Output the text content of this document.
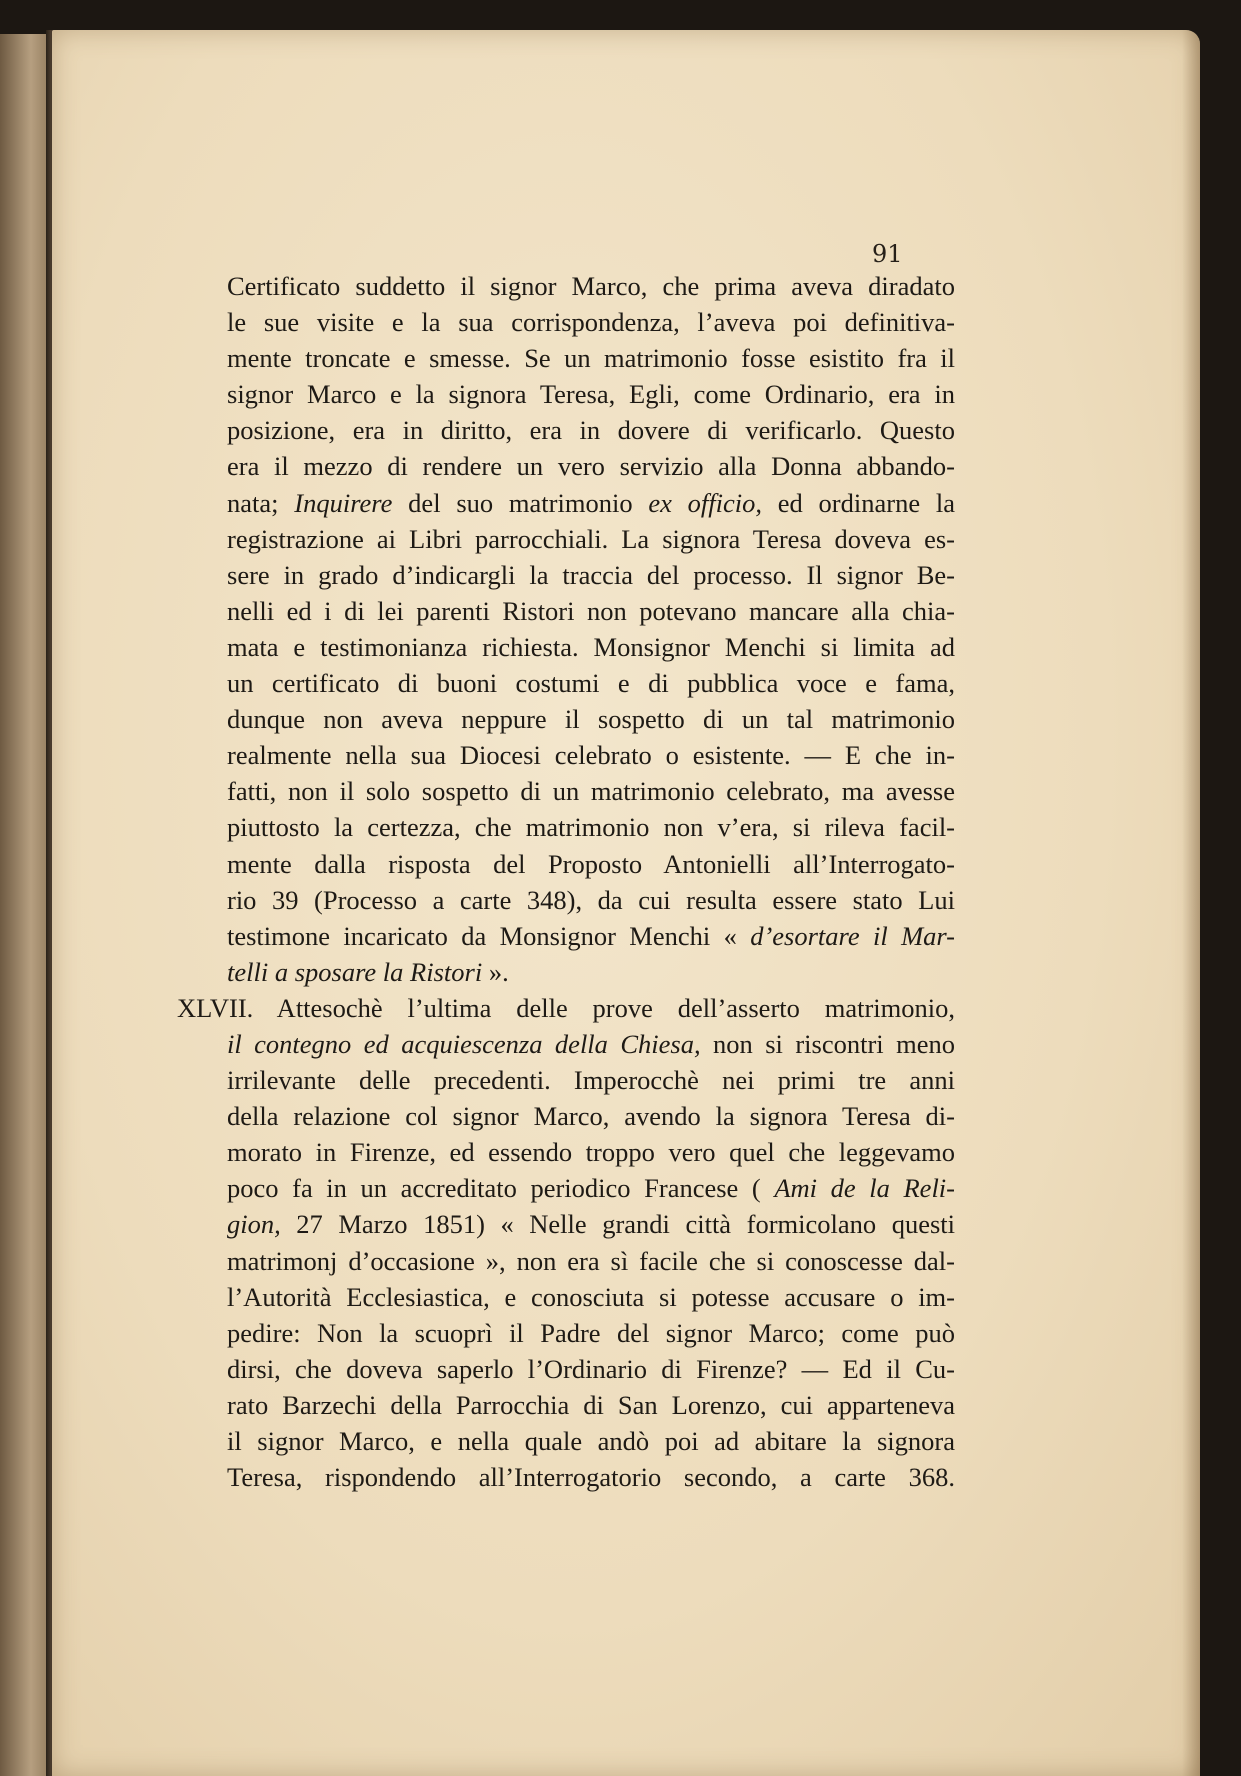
91
Certificato suddetto il signor Marco, che prima aveva diradato
le sue visite e la sua corrispondenza, l’aveva poi definitiva-
mente troncate e smesse. Se un matrimonio fosse esistito fra il
signor Marco e la signora Teresa, Egli, come Ordinario, era in
posizione, era in diritto, era in dovere di verificarlo. Questo
era il mezzo di rendere un vero servizio alla Donna abbando-
nata; Inquirere del suo matrimonio ex officio, ed ordinarne la
registrazione ai Libri parrocchiali. La signora Teresa doveva es-
sere in grado d’indicargli la traccia del processo. Il signor Be-
nelli ed i di lei parenti Ristori non potevano mancare alla chia-
mata e testimonianza richiesta. Monsignor Menchi si limita ad
un certificato di buoni costumi e di pubblica voce e fama,
dunque non aveva neppure il sospetto di un tal matrimonio
realmente nella sua Diocesi celebrato o esistente. — E che in-
fatti, non il solo sospetto di un matrimonio celebrato, ma avesse
piuttosto la certezza, che matrimonio non v’era, si rileva facil-
mente dalla risposta del Proposto Antonielli all’Interrogato-
rio 39 (Processo a carte 348), da cui resulta essere stato Lui
testimone incaricato da Monsignor Menchi « d’esortare il Mar-
telli a sposare la Ristori ».
XLVII. Attesochè l’ultima delle prove dell’assertо matrimonio,
il contegno ed acquiescenza della Chiesa, non si riscontri meno
irrilevante delle precedenti. Imperocchè nei primi tre anni
della relazione col signor Marco, avendo la signora Teresa di-
morato in Firenze, ed essendo troppo vero quel che leggevamo
poco fa in un accreditato periodico Francese ( Ami de la Reli-
gion, 27 Marzo 1851) « Nelle grandi città formicolano questi
matrimonj d’occasione », non era sì facile che si conoscesse dal-
l’Autorità Ecclesiastica, e conosciuta si potesse accusare o im-
pedire: Non la scuoprì il Padre del signor Marco; come può
dirsi, che doveva saperlo l’Ordinario di Firenze? — Ed il Cu-
rato Barzechi della Parrocchia di San Lorenzo, cui apparteneva
il signor Marco, e nella quale andò poi ad abitare la signora
Teresa, rispondendo all’Interrogatorio secondo, a carte 368.
